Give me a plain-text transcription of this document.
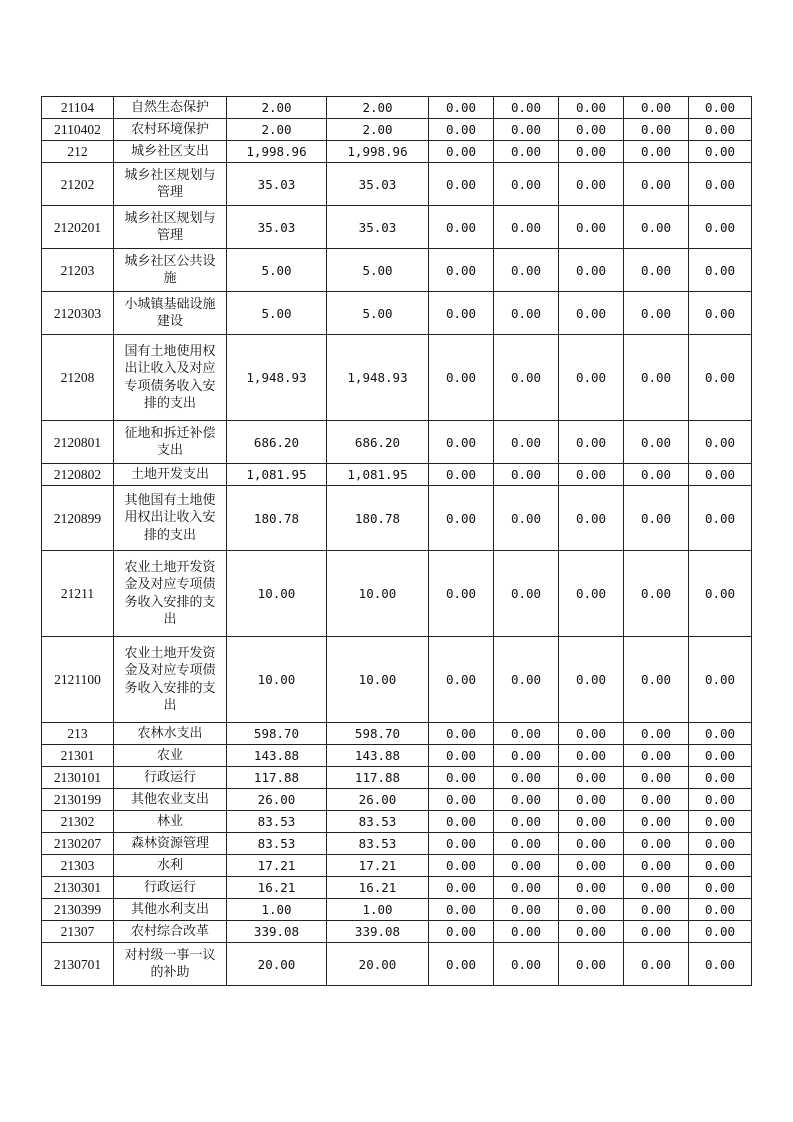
21104	自然生态保护	2.00	2.00	0.00	0.00	0.00	0.00	0.00
2110402	农村环境保护	2.00	2.00	0.00	0.00	0.00	0.00	0.00
212	城乡社区支出	1,998.96	1,998.96	0.00	0.00	0.00	0.00	0.00
21202	城乡社区规划与管理	35.03	35.03	0.00	0.00	0.00	0.00	0.00
2120201	城乡社区规划与管理	35.03	35.03	0.00	0.00	0.00	0.00	0.00
21203	城乡社区公共设施	5.00	5.00	0.00	0.00	0.00	0.00	0.00
2120303	小城镇基础设施建设	5.00	5.00	0.00	0.00	0.00	0.00	0.00
21208	国有土地使用权出让收入及对应专项债务收入安排的支出	1,948.93	1,948.93	0.00	0.00	0.00	0.00	0.00
2120801	征地和拆迁补偿支出	686.20	686.20	0.00	0.00	0.00	0.00	0.00
2120802	土地开发支出	1,081.95	1,081.95	0.00	0.00	0.00	0.00	0.00
2120899	其他国有土地使用权出让收入安排的支出	180.78	180.78	0.00	0.00	0.00	0.00	0.00
21211	农业土地开发资金及对应专项债务收入安排的支出	10.00	10.00	0.00	0.00	0.00	0.00	0.00
2121100	农业土地开发资金及对应专项债务收入安排的支出	10.00	10.00	0.00	0.00	0.00	0.00	0.00
213	农林水支出	598.70	598.70	0.00	0.00	0.00	0.00	0.00
21301	农业	143.88	143.88	0.00	0.00	0.00	0.00	0.00
2130101	行政运行	117.88	117.88	0.00	0.00	0.00	0.00	0.00
2130199	其他农业支出	26.00	26.00	0.00	0.00	0.00	0.00	0.00
21302	林业	83.53	83.53	0.00	0.00	0.00	0.00	0.00
2130207	森林资源管理	83.53	83.53	0.00	0.00	0.00	0.00	0.00
21303	水利	17.21	17.21	0.00	0.00	0.00	0.00	0.00
2130301	行政运行	16.21	16.21	0.00	0.00	0.00	0.00	0.00
2130399	其他水利支出	1.00	1.00	0.00	0.00	0.00	0.00	0.00
21307	农村综合改革	339.08	339.08	0.00	0.00	0.00	0.00	0.00
2130701	对村级一事一议的补助	20.00	20.00	0.00	0.00	0.00	0.00	0.00
